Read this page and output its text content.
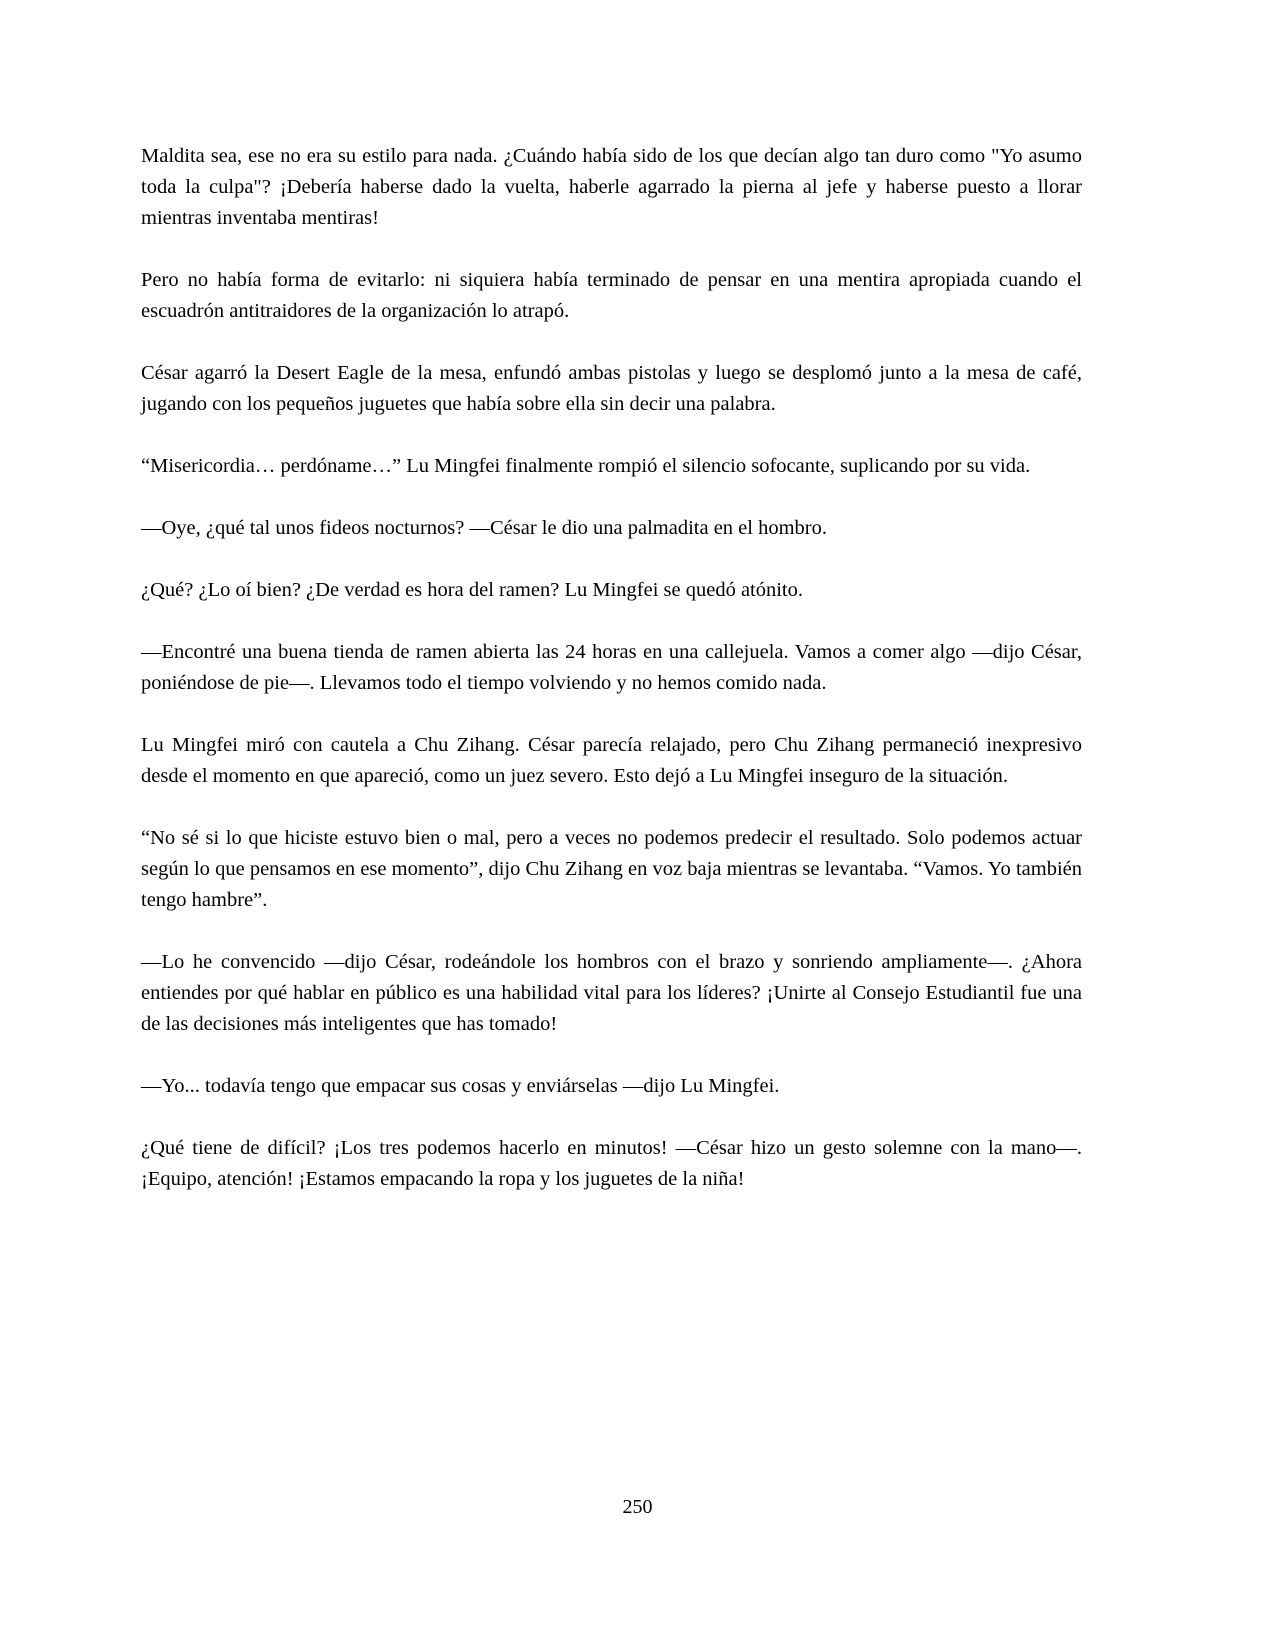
Maldita sea, ese no era su estilo para nada. ¿Cuándo había sido de los que decían algo tan duro como "Yo asumo toda la culpa"? ¡Debería haberse dado la vuelta, haberle agarrado la pierna al jefe y haberse puesto a llorar mientras inventaba mentiras!

Pero no había forma de evitarlo: ni siquiera había terminado de pensar en una mentira apropiada cuando el escuadrón antitraidores de la organización lo atrapó.

César agarró la Desert Eagle de la mesa, enfundó ambas pistolas y luego se desplomó junto a la mesa de café, jugando con los pequeños juguetes que había sobre ella sin decir una palabra.

“Misericordia… perdóname…” Lu Mingfei finalmente rompió el silencio sofocante, suplicando por su vida.

—Oye, ¿qué tal unos fideos nocturnos? —César le dio una palmadita en el hombro.

¿Qué? ¿Lo oí bien? ¿De verdad es hora del ramen? Lu Mingfei se quedó atónito.

—Encontré una buena tienda de ramen abierta las 24 horas en una callejuela. Vamos a comer algo —dijo César, poniéndose de pie—. Llevamos todo el tiempo volviendo y no hemos comido nada.

Lu Mingfei miró con cautela a Chu Zihang. César parecía relajado, pero Chu Zihang permaneció inexpresivo desde el momento en que apareció, como un juez severo. Esto dejó a Lu Mingfei inseguro de la situación.

“No sé si lo que hiciste estuvo bien o mal, pero a veces no podemos predecir el resultado. Solo podemos actuar según lo que pensamos en ese momento”, dijo Chu Zihang en voz baja mientras se levantaba. “Vamos. Yo también tengo hambre”.

—Lo he convencido —dijo César, rodeándole los hombros con el brazo y sonriendo ampliamente—. ¿Ahora entiendes por qué hablar en público es una habilidad vital para los líderes? ¡Unirte al Consejo Estudiantil fue una de las decisiones más inteligentes que has tomado!

—Yo... todavía tengo que empacar sus cosas y enviárselas —dijo Lu Mingfei.

¿Qué tiene de difícil? ¡Los tres podemos hacerlo en minutos! —César hizo un gesto solemne con la mano—. ¡Equipo, atención! ¡Estamos empacando la ropa y los juguetes de la niña!

250
